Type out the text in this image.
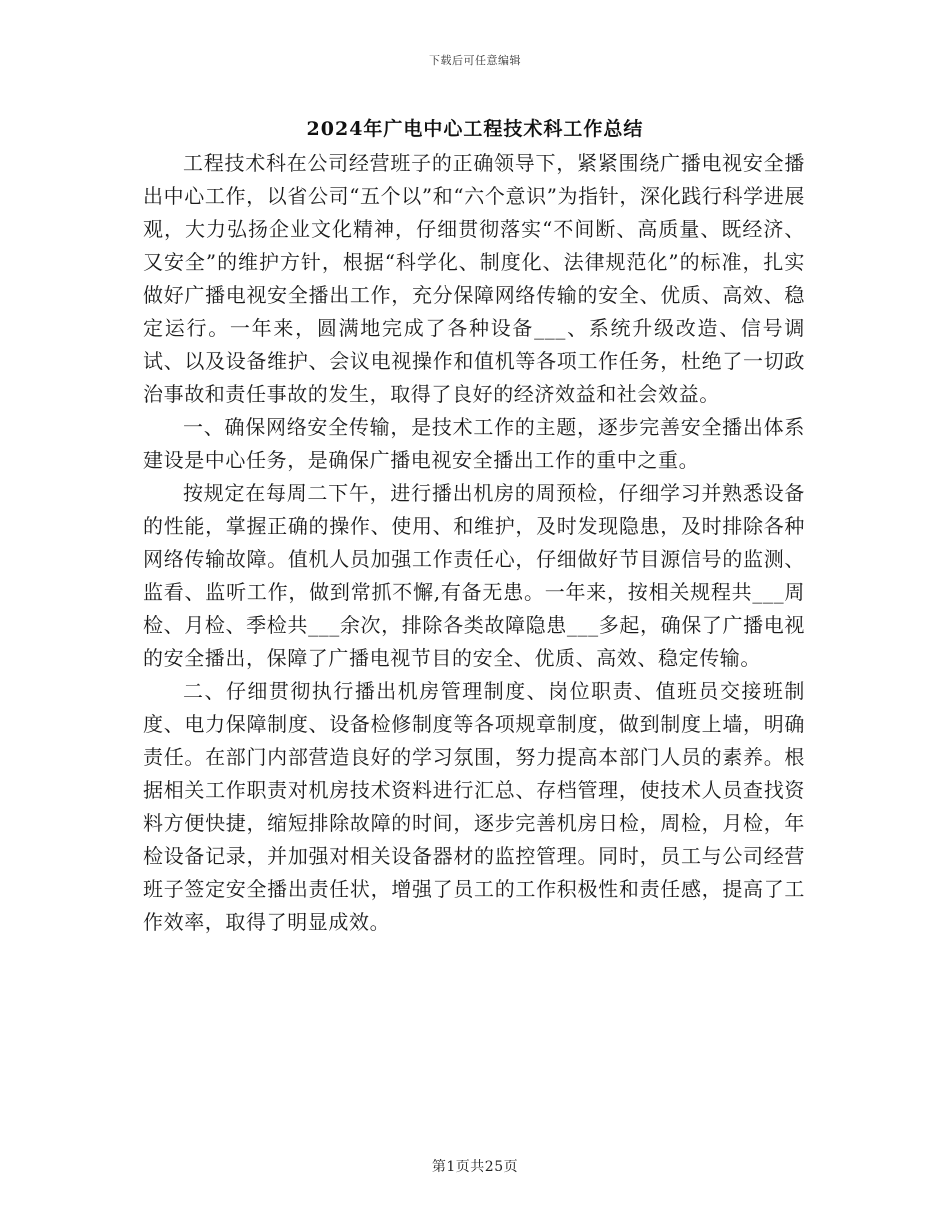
下载后可任意编辑
2024年广电中心工程技术科工作总结

工程技术科在公司经营班子的正确领导下，紧紧围绕广播电视安全播出中心工作，以省公司“五个以”和“六个意识”为指针，深化践行科学进展观，大力弘扬企业文化精神，仔细贯彻落实“不间断、高质量、既经济、又安全”的维护方针，根据“科学化、制度化、法律规范化”的标准，扎实做好广播电视安全播出工作，充分保障网络传输的安全、优质、高效、稳定运行。一年来，圆满地完成了各种设备___、系统升级改造、信号调试、以及设备维护、会议电视操作和值机等各项工作任务，杜绝了一切政治事故和责任事故的发生，取得了良好的经济效益和社会效益。

一、确保网络安全传输，是技术工作的主题，逐步完善安全播出体系建设是中心任务，是确保广播电视安全播出工作的重中之重。

按规定在每周二下午，进行播出机房的周预检，仔细学习并熟悉设备的性能，掌握正确的操作、使用、和维护，及时发现隐患，及时排除各种网络传输故障。值机人员加强工作责任心，仔细做好节目源信号的监测、监看、监听工作，做到常抓不懈,有备无患。一年来，按相关规程共___周检、月检、季检共___余次，排除各类故障隐患___多起，确保了广播电视的安全播出，保障了广播电视节目的安全、优质、高效、稳定传输。

二、仔细贯彻执行播出机房管理制度、岗位职责、值班员交接班制度、电力保障制度、设备检修制度等各项规章制度，做到制度上墙，明确责任。在部门内部营造良好的学习氛围，努力提高本部门人员的素养。根据相关工作职责对机房技术资料进行汇总、存档管理，使技术人员查找资料方便快捷，缩短排除故障的时间，逐步完善机房日检，周检，月检，年检设备记录，并加强对相关设备器材的监控管理。同时，员工与公司经营班子签定安全播出责任状，增强了员工的工作积极性和责任感，提高了工作效率，取得了明显成效。

第1页共25页
